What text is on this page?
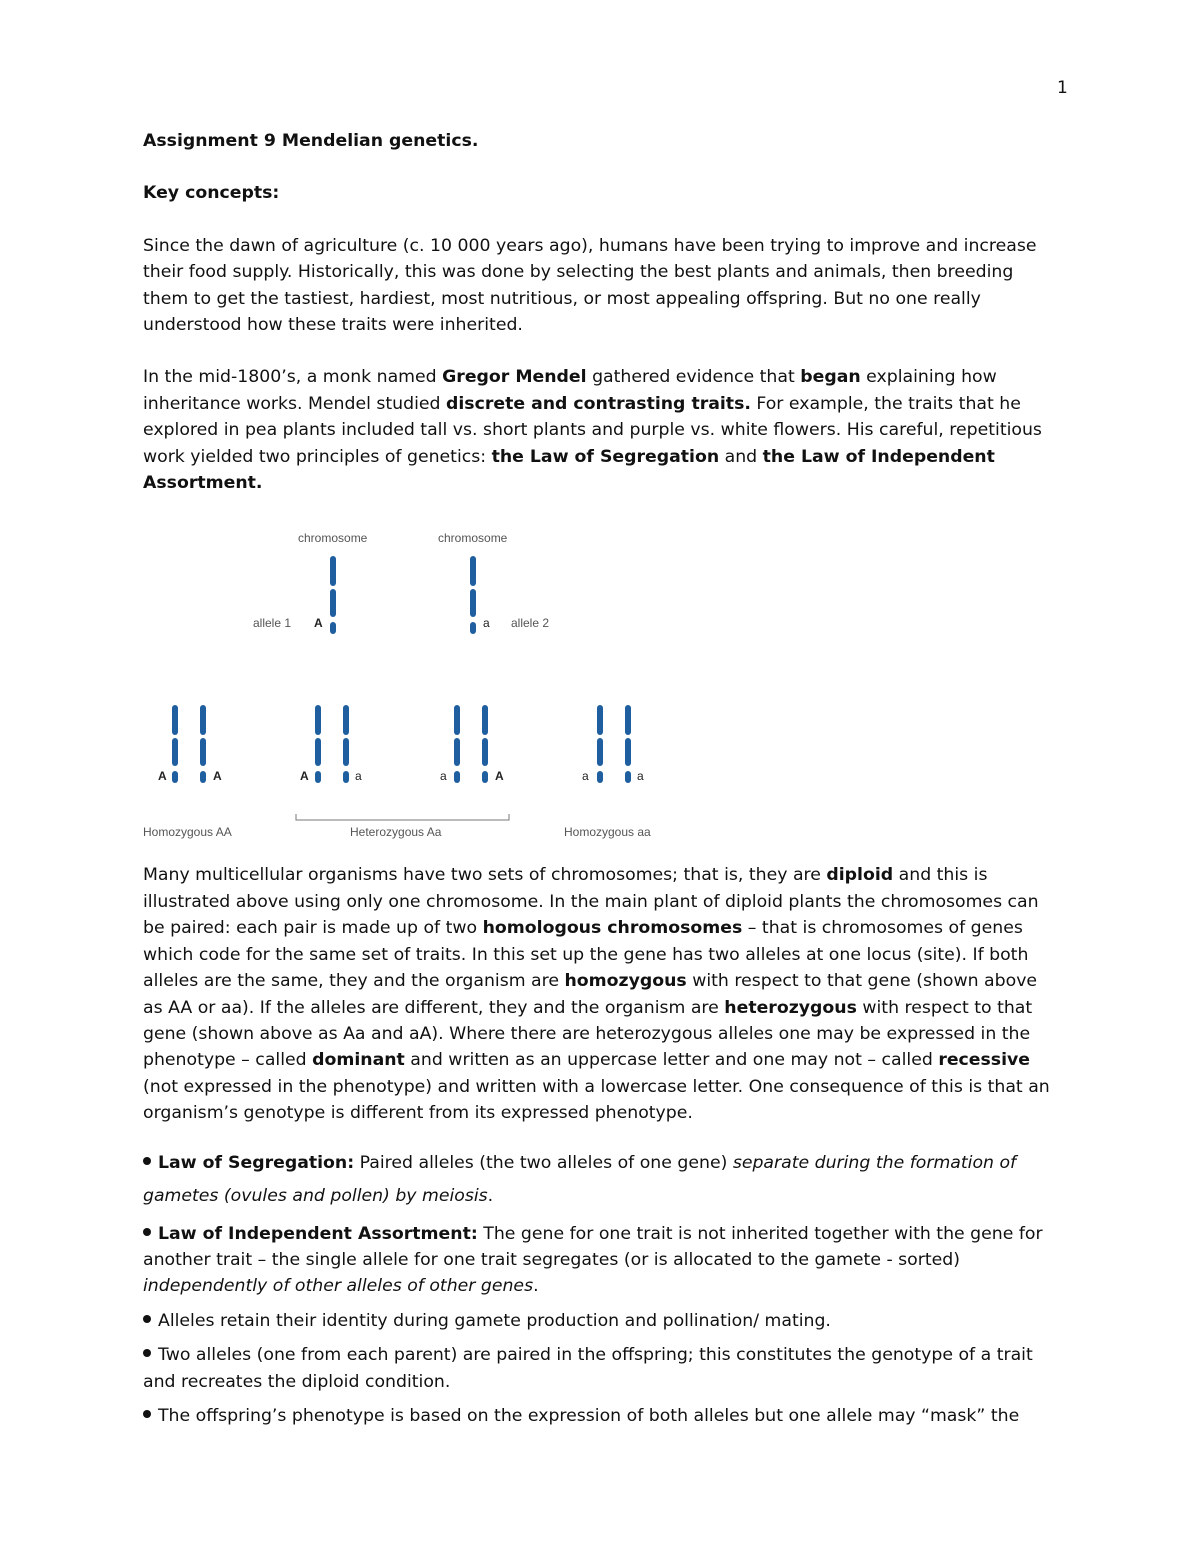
1

Assignment 9 Mendelian genetics.

Key concepts:

Since the dawn of agriculture (c. 10 000 years ago), humans have been trying to improve and increase their food supply. Historically, this was done by selecting the best plants and animals, then breeding them to get the tastiest, hardiest, most nutritious, or most appealing offspring. But no one really understood how these traits were inherited.

In the mid-1800’s, a monk named Gregor Mendel gathered evidence that began explaining how inheritance works. Mendel studied discrete and contrasting traits. For example, the traits that he explored in pea plants included tall vs. short plants and purple vs. white flowers. His careful, repetitious work yielded two principles of genetics: the Law of Segregation and the Law of Independent Assortment.

chromosome	chromosome
allele 1 A	a allele 2
A	A	A	a	a	A	a	a
Homozygous AA	Heterozygous Aa	Homozygous aa

Many multicellular organisms have two sets of chromosomes; that is, they are diploid and this is illustrated above using only one chromosome. In the main plant of diploid plants the chromosomes can be paired: each pair is made up of two homologous chromosomes – that is chromosomes of genes which code for the same set of traits. In this set up the gene has two alleles at one locus (site). If both alleles are the same, they and the organism are homozygous with respect to that gene (shown above as AA or aa). If the alleles are different, they and the organism are heterozygous with respect to that gene (shown above as Aa and aA). Where there are heterozygous alleles one may be expressed in the phenotype – called dominant and written as an uppercase letter and one may not – called recessive (not expressed in the phenotype) and written with a lowercase letter. One consequence of this is that an organism’s genotype is different from its expressed phenotype.

Law of Segregation: Paired alleles (the two alleles of one gene) separate during the formation of gametes (ovules and pollen) by meiosis.

Law of Independent Assortment: The gene for one trait is not inherited together with the gene for another trait – the single allele for one trait segregates (or is allocated to the gamete - sorted) independently of other alleles of other genes.

Alleles retain their identity during gamete production and pollination/ mating.

Two alleles (one from each parent) are paired in the offspring; this constitutes the genotype of a trait and recreates the diploid condition.

The offspring’s phenotype is based on the expression of both alleles but one allele may “mask” the
